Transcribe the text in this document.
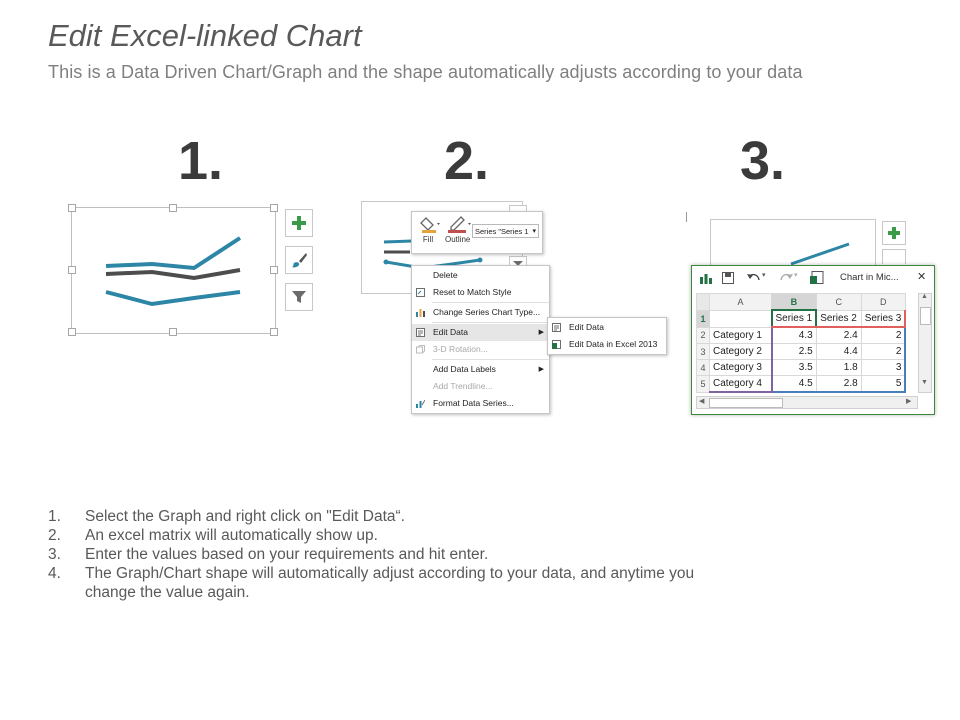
Edit Excel-linked Chart
This is a Data Driven Chart/Graph and the shape automatically adjusts according to your data
1.	2.	3.
Fill	Outline
Series "Series 1 ▾
Delete
Reset to Match Style
Change Series Chart Type...
Edit Data	▶
3-D Rotation...
Add Data Labels	▶
Add Trendline...
Format Data Series...
Edit Data
Edit Data in Excel 2013
▾	▾	Chart in Mic... ✕
	A	B	C	D
1		Series 1	Series 2	Series 3
2	Category 1	4.3	2.4	2
3	Category 2	2.5	4.4	2
4	Category 3	3.5	1.8	3
5	Category 4	4.5	2.8	5
▲
▼
◀	▶
1. Select the Graph and right click on "Edit Data“.
2. An excel matrix will automatically show up.
3. Enter the values based on your requirements and hit enter.
4. The Graph/Chart shape will automatically adjust according to your data, and anytime you change the value again.
